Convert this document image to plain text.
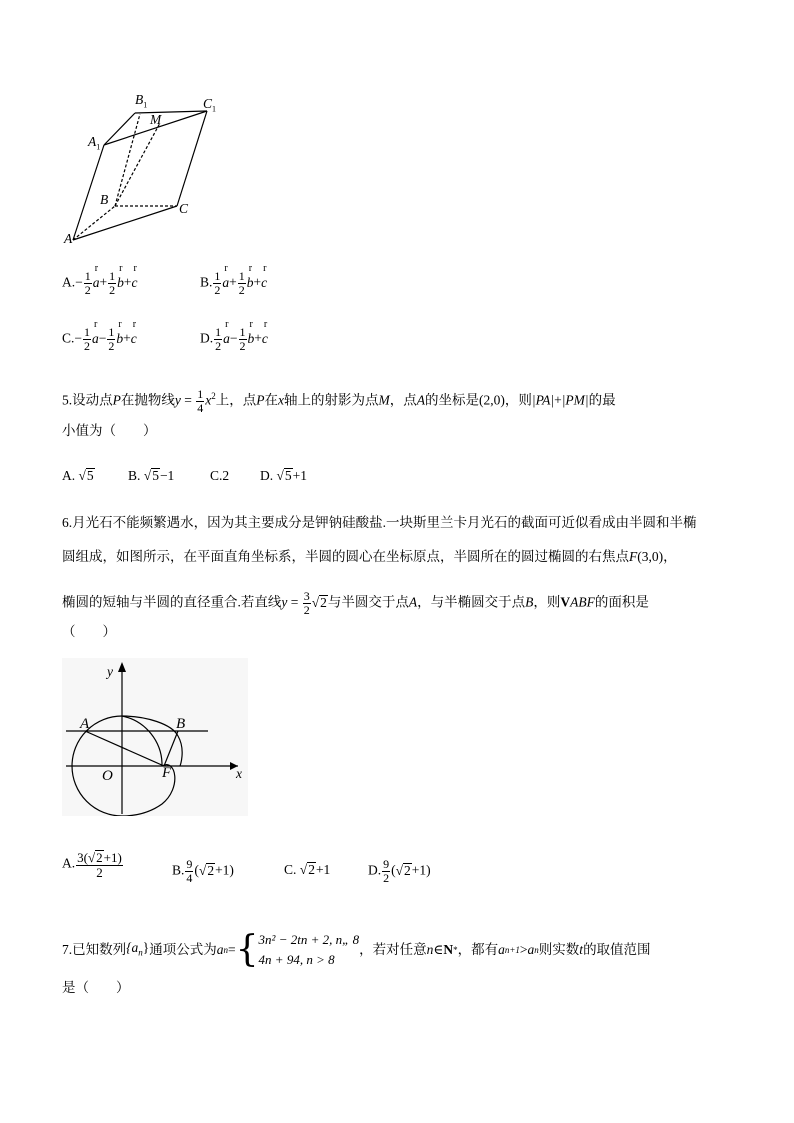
$B_1$	$C_1$
M
$A_1$
B
C
A
$A.- \frac{1}{2}$ r $a+ \frac{1}{2}$ r b+r c	B. $\frac{1}{2}$ r $a+ \frac{1}{2}$ r b+r c
$C.- \frac{1}{2}$ r $a- \frac{1}{2}$ r b+r c	D. $\frac{1}{2}$ r $a- \frac{1}{2}$ r b+r c
5.设动点P在抛物线$y = \frac{1}{4} x^2$上，点P在x轴上的射影为点M，点A的坐标是(2,0)，则|PA|+|PM|的最
小值为（　　）
A. √ 5	B. √ 5−1	C.2 D. √ 5+1
6.月光石不能频繁遇水，因为其主要成分是钾钠硅酸盐.一块斯里兰卡月光石的截面可近似看成由半圆和半椭
圆组成，如图所示，在平面直角坐标系，半圆的圆心在坐标原点，半圆所在的圆过椭圆的右焦点F(3,0)，
椭圆的短轴与半圆的直径重合.若直线$y = \frac{3}{2}$ √ 2与半圆交于点A，与半椭圆交于点B，则VABF的面积是
（　　）
y
A	B
O	F	x
A. $\frac{3( √ 2+1)}{2}$	B. $\frac{9}{4}$ ( √ 2+1)	C. √ 2+1	D. $\frac{9}{2}$ ( √ 2+1)
7.已知数列 $\{a_n\}$ 通项公式为 a n = { 3n² − 2tn + 2, n„ 8
4n + 94, n > 8
，若对任意 n ∈ N * ，都有 a n+1 > a n 则实数 t 的取值范围
是（　　）
